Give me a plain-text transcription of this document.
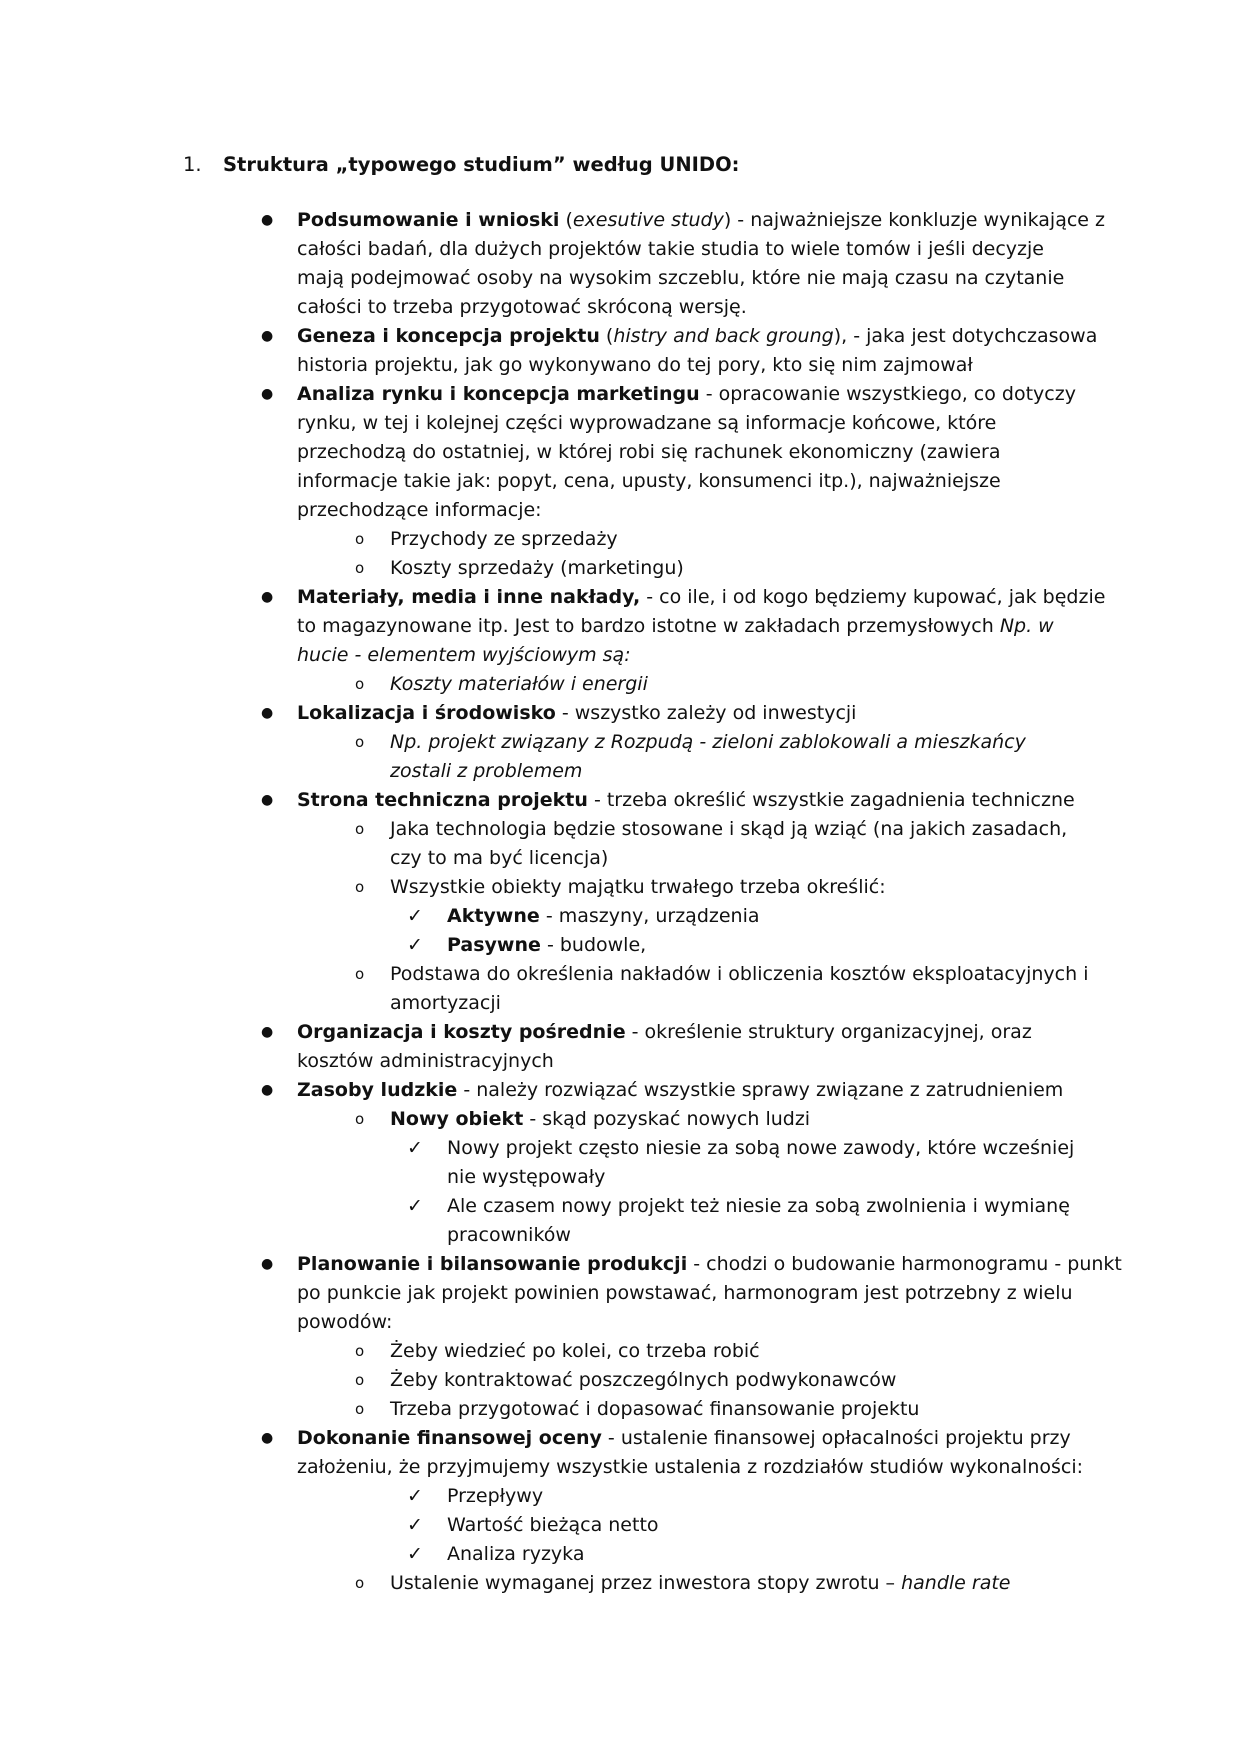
1. Struktura „typowego studium” według UNIDO:
● Podsumowanie i wnioski (exesutive study) - najważniejsze konkluzje wynikające z
całości badań, dla dużych projektów takie studia to wiele tomów i jeśli decyzje
mają podejmować osoby na wysokim szczeblu, które nie mają czasu na czytanie
całości to trzeba przygotować skróconą wersję.
● Geneza i koncepcja projektu (histry and back groung), - jaka jest dotychczasowa
historia projektu, jak go wykonywano do tej pory, kto się nim zajmował
● Analiza rynku i koncepcja marketingu - opracowanie wszystkiego, co dotyczy
rynku, w tej i kolejnej części wyprowadzane są informacje końcowe, które
przechodzą do ostatniej, w której robi się rachunek ekonomiczny (zawiera
informacje takie jak: popyt, cena, upusty, konsumenci itp.), najważniejsze
przechodzące informacje:
o Przychody ze sprzedaży
o Koszty sprzedaży (marketingu)
● Materiały, media i inne nakłady, - co ile, i od kogo będziemy kupować, jak będzie
to magazynowane itp. Jest to bardzo istotne w zakładach przemysłowych Np. w
hucie - elementem wyjściowym są:
o Koszty materiałów i energii
● Lokalizacja i środowisko - wszystko zależy od inwestycji
o Np. projekt związany z Rozpudą - zieloni zablokowali a mieszkańcy
zostali z problemem
● Strona techniczna projektu - trzeba określić wszystkie zagadnienia techniczne
o Jaka technologia będzie stosowane i skąd ją wziąć (na jakich zasadach,
czy to ma być licencja)
o Wszystkie obiekty majątku trwałego trzeba określić:
✓ Aktywne - maszyny, urządzenia
✓ Pasywne - budowle,
o Podstawa do określenia nakładów i obliczenia kosztów eksploatacyjnych i
amortyzacji
● Organizacja i koszty pośrednie - określenie struktury organizacyjnej, oraz
kosztów administracyjnych
● Zasoby ludzkie - należy rozwiązać wszystkie sprawy związane z zatrudnieniem
o Nowy obiekt - skąd pozyskać nowych ludzi
✓ Nowy projekt często niesie za sobą nowe zawody, które wcześniej
nie występowały
✓ Ale czasem nowy projekt też niesie za sobą zwolnienia i wymianę
pracowników
● Planowanie i bilansowanie produkcji - chodzi o budowanie harmonogramu - punkt
po punkcie jak projekt powinien powstawać, harmonogram jest potrzebny z wielu
powodów:
o Żeby wiedzieć po kolei, co trzeba robić
o Żeby kontraktować poszczególnych podwykonawców
o Trzeba przygotować i dopasować finansowanie projektu
● Dokonanie finansowej oceny - ustalenie finansowej opłacalności projektu przy
założeniu, że przyjmujemy wszystkie ustalenia z rozdziałów studiów wykonalności:
✓ Przepływy
✓ Wartość bieżąca netto
✓ Analiza ryzyka
o Ustalenie wymaganej przez inwestora stopy zwrotu – handle rate
